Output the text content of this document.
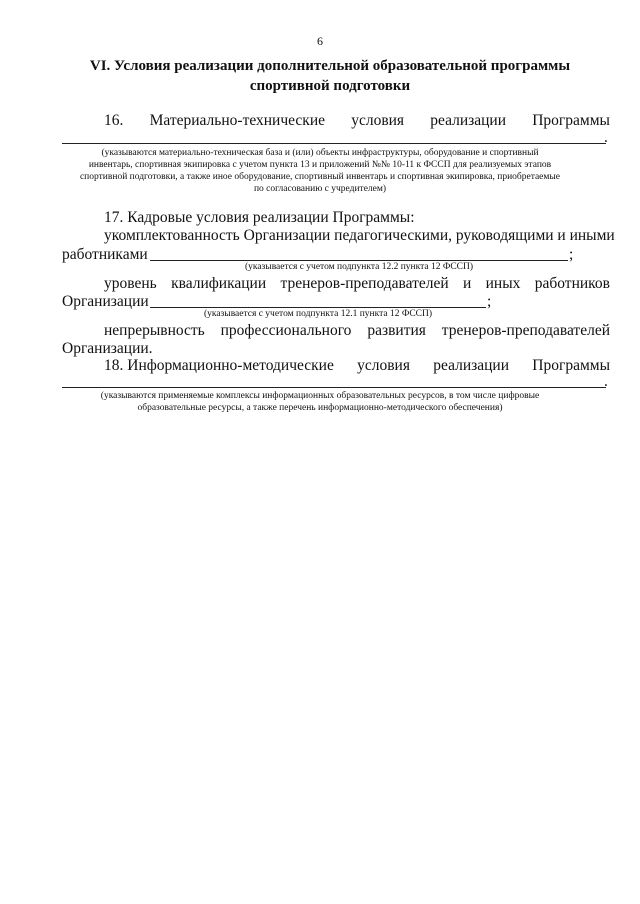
6
VI. Условия реализации дополнительной образовательной программы
спортивной подготовки
16. Материально-технические условия реализации Программы
.
(указываются материально-техническая база и (или) объекты инфраструктуры, оборудование и спортивный
инвентарь, спортивная экипировка с учетом пункта 13 и приложений №№ 10-11 к ФССП для реализуемых этапов
спортивной подготовки, а также иное оборудование, спортивный инвентарь и спортивная экипировка, приобретаемые
по согласованию с учредителем)
17. Кадровые условия реализации Программы:
укомплектованность Организации педагогическими, руководящими и иными
работниками	;
(указывается с учетом подпункта 12.2 пункта 12 ФССП)
уровень квалификации тренеров-преподавателей и иных работников
Организации	;
(указывается с учетом подпункта 12.1 пункта 12 ФССП)
непрерывность профессионального развития тренеров-преподавателей
Организации.
18. Информационно-методические условия реализации Программы
.
(указываются применяемые комплексы информационных образовательных ресурсов, в том числе цифровые
образовательные ресурсы, а также перечень информационно-методического обеспечения)
